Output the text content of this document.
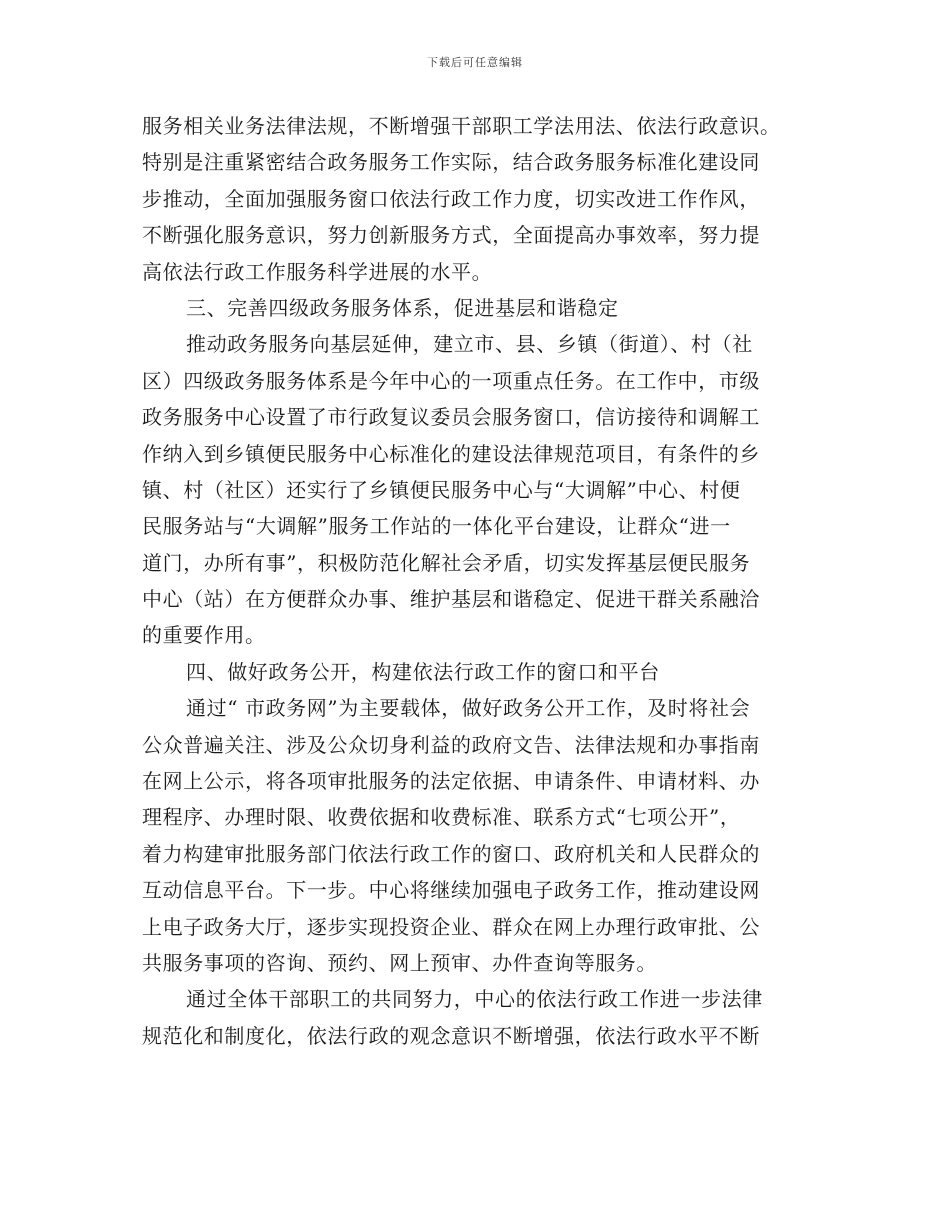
下载后可任意编辑
服务相关业务法律法规，不断增强干部职工学法用法、依法行政意识。
特别是注重紧密结合政务服务工作实际，结合政务服务标准化建设同
步推动，全面加强服务窗口依法行政工作力度，切实改进工作作风，
不断强化服务意识，努力创新服务方式，全面提高办事效率，努力提
高依法行政工作服务科学进展的水平。
三、完善四级政务服务体系，促进基层和谐稳定
推动政务服务向基层延伸，建立市、县、乡镇（街道）、村（社
区）四级政务服务体系是今年中心的一项重点任务。在工作中，市级
政务服务中心设置了市行政复议委员会服务窗口，信访接待和调解工
作纳入到乡镇便民服务中心标准化的建设法律规范项目，有条件的乡
镇、村（社区）还实行了乡镇便民服务中心与“大调解”中心、村便
民服务站与“大调解”服务工作站的一体化平台建设，让群众“进一
道门，办所有事”，积极防范化解社会矛盾，切实发挥基层便民服务
中心（站）在方便群众办事、维护基层和谐稳定、促进干群关系融洽
的重要作用。
四、做好政务公开，构建依法行政工作的窗口和平台
通过“ 市政务网”为主要载体，做好政务公开工作，及时将社会
公众普遍关注、涉及公众切身利益的政府文告、法律法规和办事指南
在网上公示，将各项审批服务的法定依据、申请条件、申请材料、办
理程序、办理时限、收费依据和收费标准、联系方式“七项公开”，
着力构建审批服务部门依法行政工作的窗口、政府机关和人民群众的
互动信息平台。下一步。中心将继续加强电子政务工作，推动建设网
上电子政务大厅，逐步实现投资企业、群众在网上办理行政审批、公
共服务事项的咨询、预约、网上预审、办件查询等服务。
通过全体干部职工的共同努力，中心的依法行政工作进一步法律
规范化和制度化，依法行政的观念意识不断增强，依法行政水平不断
